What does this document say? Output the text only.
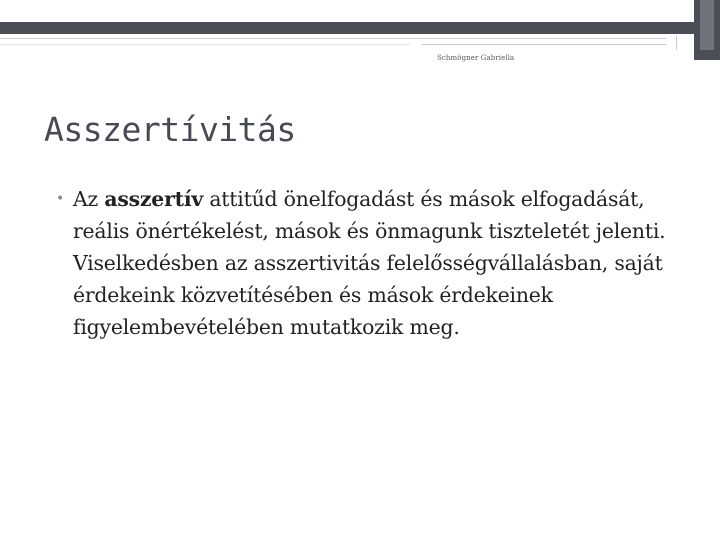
Schmögner Gabriella
Asszertívitás
• Az asszertív attitűd önelfogadást és mások elfogadását, reális önértékelést, mások és önmagunk tiszteletét jelenti. Viselkedésben az asszertivitás felelősségvállalásban, saját érdekeink közvetítésében és mások érdekeinek figyelembevételében mutatkozik meg.
